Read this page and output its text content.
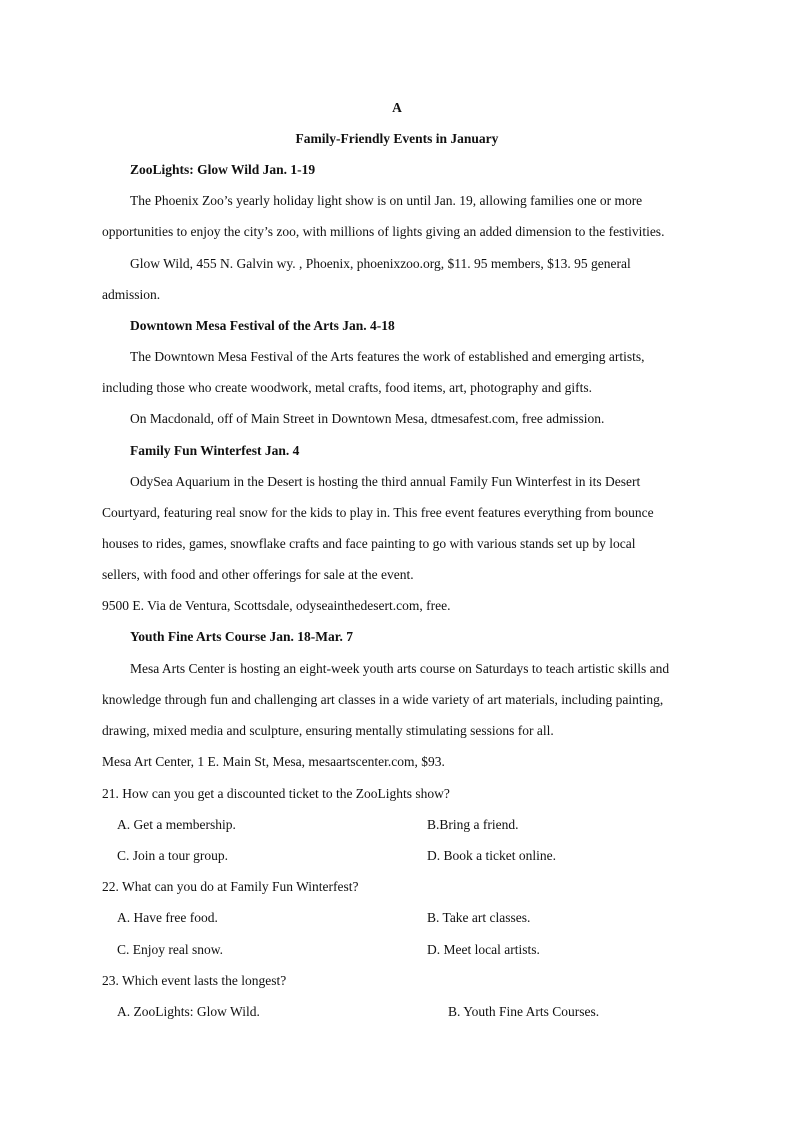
A
Family-Friendly Events in January
ZooLights: Glow Wild Jan. 1-19
The Phoenix Zoo’s yearly holiday light show is on until Jan. 19, allowing families one or more
opportunities to enjoy the city’s zoo, with millions of lights giving an added dimension to the festivities.
Glow Wild, 455 N. Galvin wy. , Phoenix, phoenixzoo.org, $11. 95 members, $13. 95 general
admission.
Downtown Mesa Festival of the Arts Jan. 4-18
The Downtown Mesa Festival of the Arts features the work of established and emerging artists,
including those who create woodwork, metal crafts, food items, art, photography and gifts.
On Macdonald, off of Main Street in Downtown Mesa, dtmesafest.com, free admission.
Family Fun Winterfest Jan. 4
OdySea Aquarium in the Desert is hosting the third annual Family Fun Winterfest in its Desert
Courtyard, featuring real snow for the kids to play in. This free event features everything from bounce
houses to rides, games, snowflake crafts and face painting to go with various stands set up by local
sellers, with food and other offerings for sale at the event.
9500 E. Via de Ventura, Scottsdale, odyseainthedesert.com, free.
Youth Fine Arts Course Jan. 18-Mar. 7
Mesa Arts Center is hosting an eight-week youth arts course on Saturdays to teach artistic skills and
knowledge through fun and challenging art classes in a wide variety of art materials, including painting,
drawing, mixed media and sculpture, ensuring mentally stimulating sessions for all.
Mesa Art Center, 1 E. Main St, Mesa, mesaartscenter.com, $93.
21. How can you get a discounted ticket to the ZooLights show?
A. Get a membership.	B.Bring a friend.
C. Join a tour group.	D. Book a ticket online.
22. What can you do at Family Fun Winterfest?
A. Have free food.	B. Take art classes.
C. Enjoy real snow.	D. Meet local artists.
23. Which event lasts the longest?
A. ZooLights: Glow Wild.	B. Youth Fine Arts Courses.
